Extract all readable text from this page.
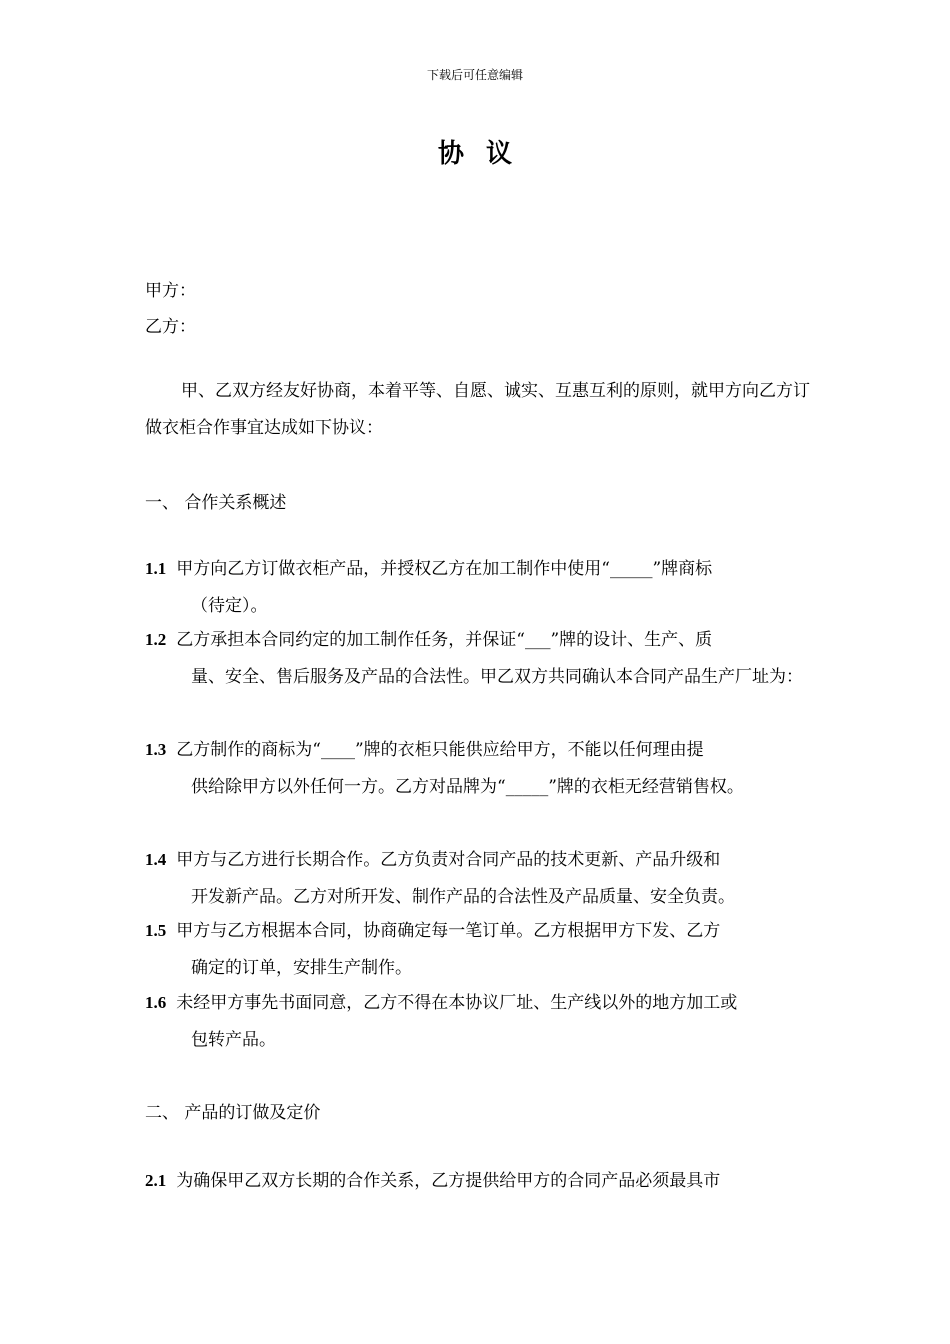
下载后可任意编辑
协议
甲方：
乙方：
甲、乙双方经友好协商，本着平等、自愿、诚实、互惠互利的原则，就甲方向乙方订做衣柜合作事宜达成如下协议：
一、 合作关系概述
1.1 甲方向乙方订做衣柜产品，并授权乙方在加工制作中使用“_____”牌商标
（待定）。
1.2 乙方承担本合同约定的加工制作任务，并保证“___”牌的设计、生产、质
量、安全、售后服务及产品的合法性。甲乙双方共同确认本合同产品生产厂址为：
1.3 乙方制作的商标为“____”牌的衣柜只能供应给甲方，不能以任何理由提
供给除甲方以外任何一方。乙方对品牌为“_____”牌的衣柜无经营销售权。
1.4 甲方与乙方进行长期合作。乙方负责对合同产品的技术更新、产品升级和
开发新产品。乙方对所开发、制作产品的合法性及产品质量、安全负责。
1.5 甲方与乙方根据本合同，协商确定每一笔订单。乙方根据甲方下发、乙方
确定的订单，安排生产制作。
1.6 未经甲方事先书面同意，乙方不得在本协议厂址、生产线以外的地方加工或
包转产品。
二、 产品的订做及定价
2.1 为确保甲乙双方长期的合作关系，乙方提供给甲方的合同产品必须最具市
